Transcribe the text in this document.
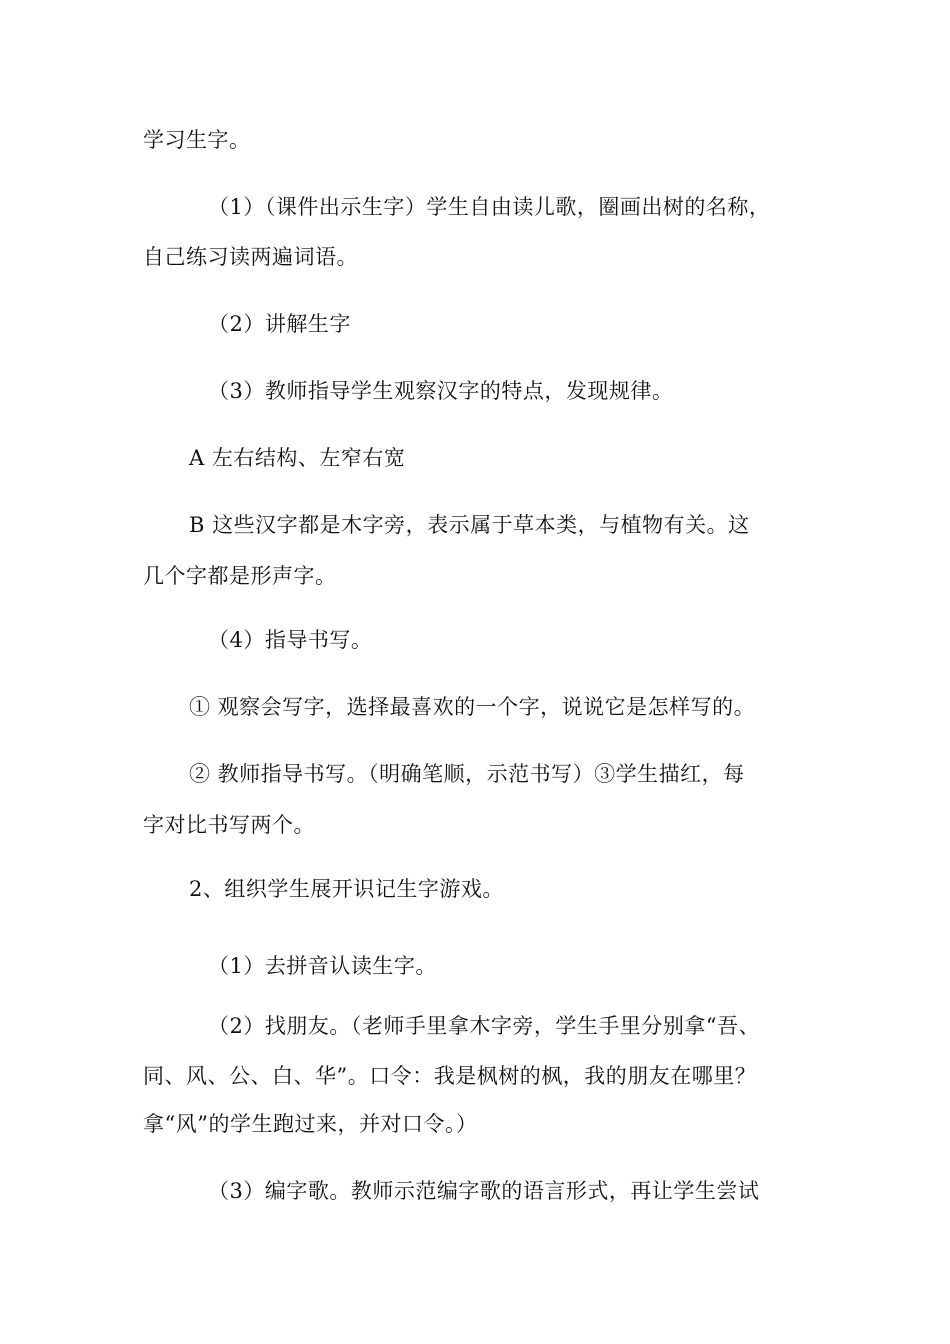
学习生字。
（1）（课件出示生字）学生自由读儿歌，圈画出树的名称，
自己练习读两遍词语。
（2）讲解生字
（3）教师指导学生观察汉字的特点，发现规律。
A 左右结构、左窄右宽
B 这些汉字都是木字旁，表示属于草本类，与植物有关。这
几个字都是形声字。
（4）指导书写。
① 观察会写字，选择最喜欢的一个字，说说它是怎样写的。
② 教师指导书写。（明确笔顺，示范书写）③学生描红，每
字对比书写两个。
2、组织学生展开识记生字游戏。
（1）去拼音认读生字。
（2）找朋友。（老师手里拿木字旁，学生手里分别拿“吾、
同、风、公、白、华”。口令：我是枫树的枫，我的朋友在哪里？
拿“风”的学生跑过来，并对口令。）
（3）编字歌。教师示范编字歌的语言形式，再让学生尝试
